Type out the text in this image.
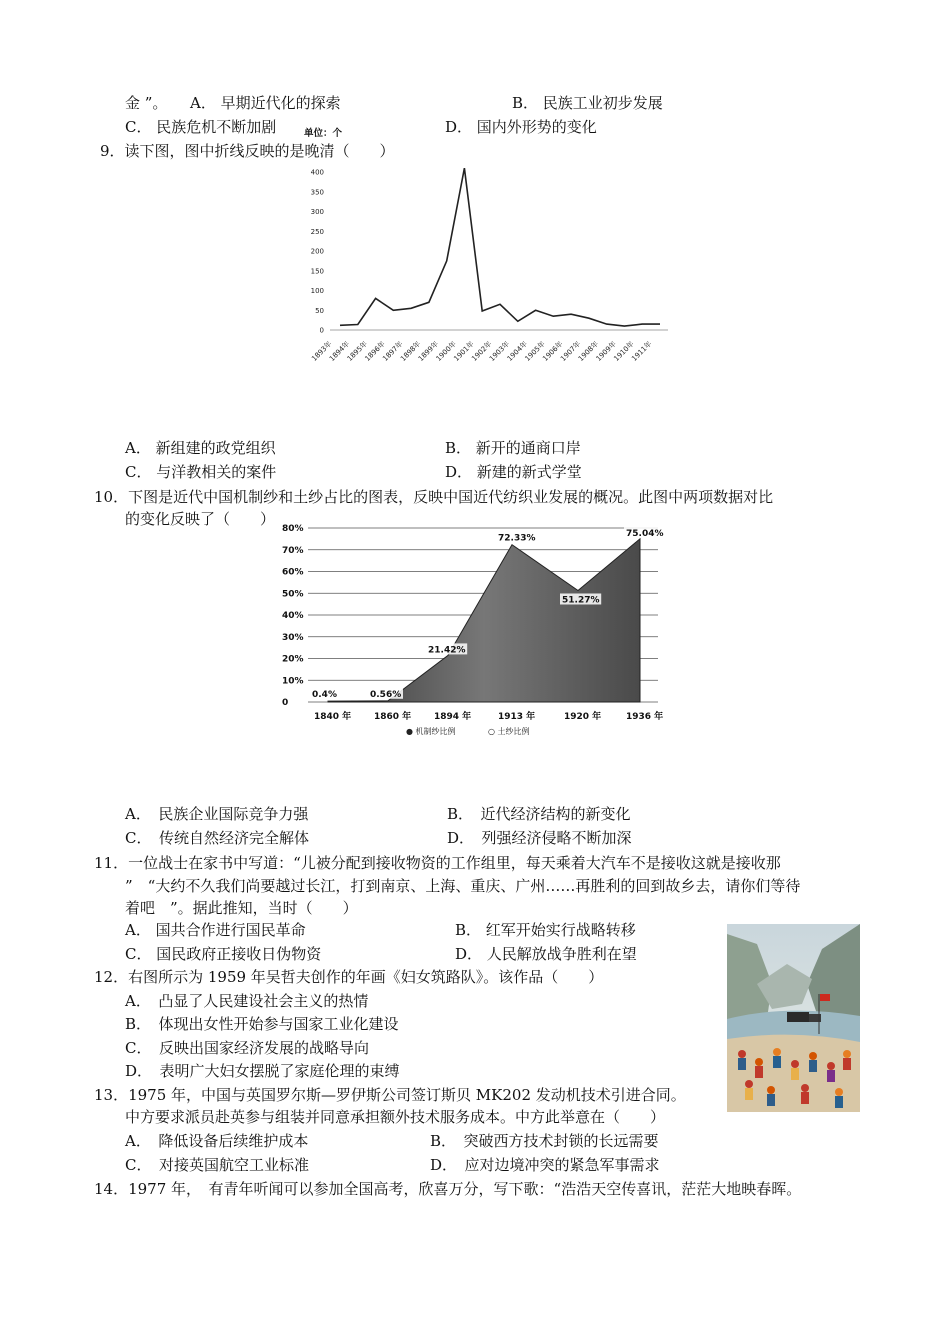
金 ”。 A． 早期近代化的探索	B． 民族工业初步发展
C． 民族危机不断加剧	D． 国内外形势的变化
9．读下图，图中折线反映的是晚清（　　）
单位：个
0
50
100
150
200
250
300
350
400
1893年
1894年
1895年
1896年
1897年
1898年
1899年
1900年
1901年
1902年
1903年
1904年
1905年
1906年
1907年
1908年
1909年
1910年
1911年
A． 新组建的政党组织	B． 新开的通商口岸
C． 与洋教相关的案件	D． 新建的新式学堂
10．下图是近代中国机制纱和土纱占比的图表，反映中国近代纺织业发展的概况。此图中两项数据对比
的变化反映了（　　）
0
10%
20%
30%
40%
50%
60%
70%
80%
1840 年	1860 年	1894 年	1913 年	1920 年	1936 年
0.4%	0.56%
21.42%
72.33%
51.27%
75.04%
● 机制纱比例	○ 土纱比例
A．　民族企业国际竞争力强	B．　近代经济结构的新变化
C．　传统自然经济完全解体	D．　列强经济侵略不断加深
11．一位战士在家书中写道：“儿被分配到接收物资的工作组里，每天乘着大汽车不是接收这就是接收那
”　“大约不久我们尚要越过长江，打到南京、上海、重庆、广州……再胜利的回到故乡去，请你们等待
着吧　”。据此推知，当时（　　）
A． 国共合作进行国民革命	B． 红军开始实行战略转移
C． 国民政府正接收日伪物资	D． 人民解放战争胜利在望
12．右图所示为 1959 年吴哲夫创作的年画《妇女筑路队》。该作品（　　）
A．　凸显了人民建设社会主义的热情
B．　体现出女性开始参与国家工业化建设
C．　反映出国家经济发展的战略导向
D．　表明广大妇女摆脱了家庭伦理的束缚
13．1975 年，中国与英国罗尔斯—罗伊斯公司签订斯贝 MK202 发动机技术引进合同。
中方要求派员赴英参与组装并同意承担额外技术服务成本。中方此举意在（　　）
A．　降低设备后续维护成本	B．　突破西方技术封锁的长远需要
C．　对接英国航空工业标准	D．　应对边境冲突的紧急军事需求
14．1977 年，　有青年听闻可以参加全国高考，欣喜万分，写下歌：“浩浩天空传喜讯，茫茫大地映春晖。
